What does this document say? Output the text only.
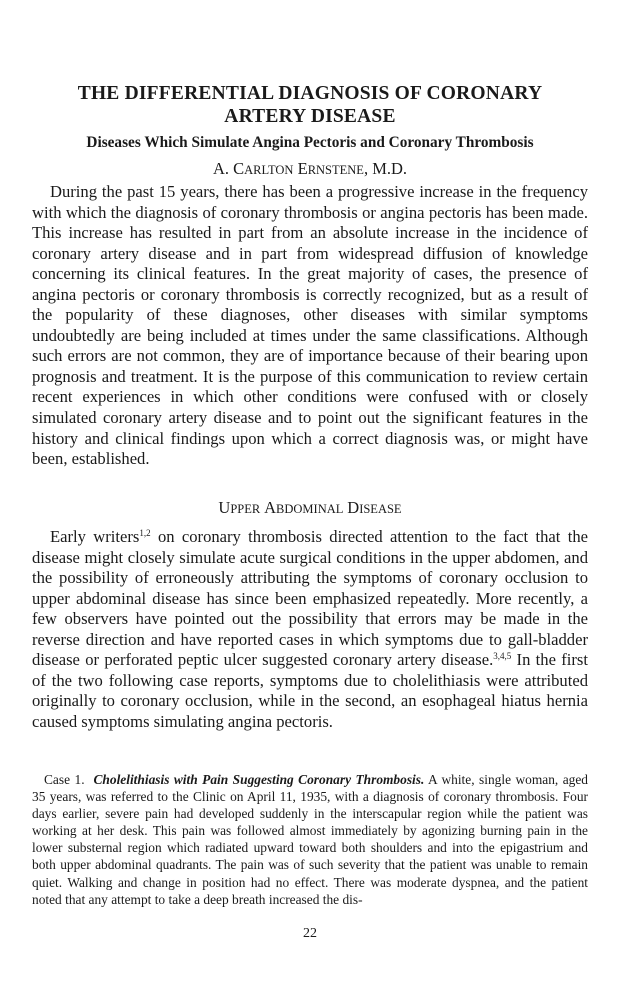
THE DIFFERENTIAL DIAGNOSIS OF CORONARY ARTERY DISEASE
Diseases Which Simulate Angina Pectoris and Coronary Thrombosis
A. CARLTON ERNSTENE, M.D.

During the past 15 years, there has been a progressive increase in the frequency with which the diagnosis of coronary thrombosis or angina pectoris has been made. This increase has resulted in part from an absolute increase in the incidence of coronary artery disease and in part from widespread diffusion of knowledge concerning its clinical features. In the great majority of cases, the presence of angina pectoris or coronary thrombosis is correctly recognized, but as a result of the popularity of these diagnoses, other diseases with similar symptoms undoubtedly are being included at times under the same classifications. Although such errors are not common, they are of importance because of their bearing upon prognosis and treatment. It is the purpose of this communication to review certain recent experiences in which other conditions were confused with or closely simulated coronary artery disease and to point out the significant features in the history and clinical findings upon which a correct diagnosis was, or might have been, established.

UPPER ABDOMINAL DISEASE

Early writers$^{1,2}$ on coronary thrombosis directed attention to the fact that the disease might closely simulate acute surgical conditions in the upper abdomen, and the possibility of erroneously attributing the symptoms of coronary occlusion to upper abdominal disease has since been emphasized repeatedly. More recently, a few observers have pointed out the possibility that errors may be made in the reverse direction and have reported cases in which symptoms due to gall-bladder disease or perforated peptic ulcer suggested coronary artery disease.$^{3,4,5}$ In the first of the two following case reports, symptoms due to cholelithiasis were attributed originally to coronary occlusion, while in the second, an esophageal hiatus hernia caused symptoms simulating angina pectoris.

Case 1. Cholelithiasis with Pain Suggesting Coronary Thrombosis. A white, single woman, aged 35 years, was referred to the Clinic on April 11, 1935, with a diagnosis of coronary thrombosis. Four days earlier, severe pain had developed suddenly in the interscapular region while the patient was working at her desk. This pain was followed almost immediately by agonizing burning pain in the lower substernal region which radiated upward toward both shoulders and into the epigastrium and both upper abdominal quadrants. The pain was of such severity that the patient was unable to remain quiet. Walking and change in position had no effect. There was moderate dyspnea, and the patient noted that any attempt to take a deep breath increased the dis-

22
